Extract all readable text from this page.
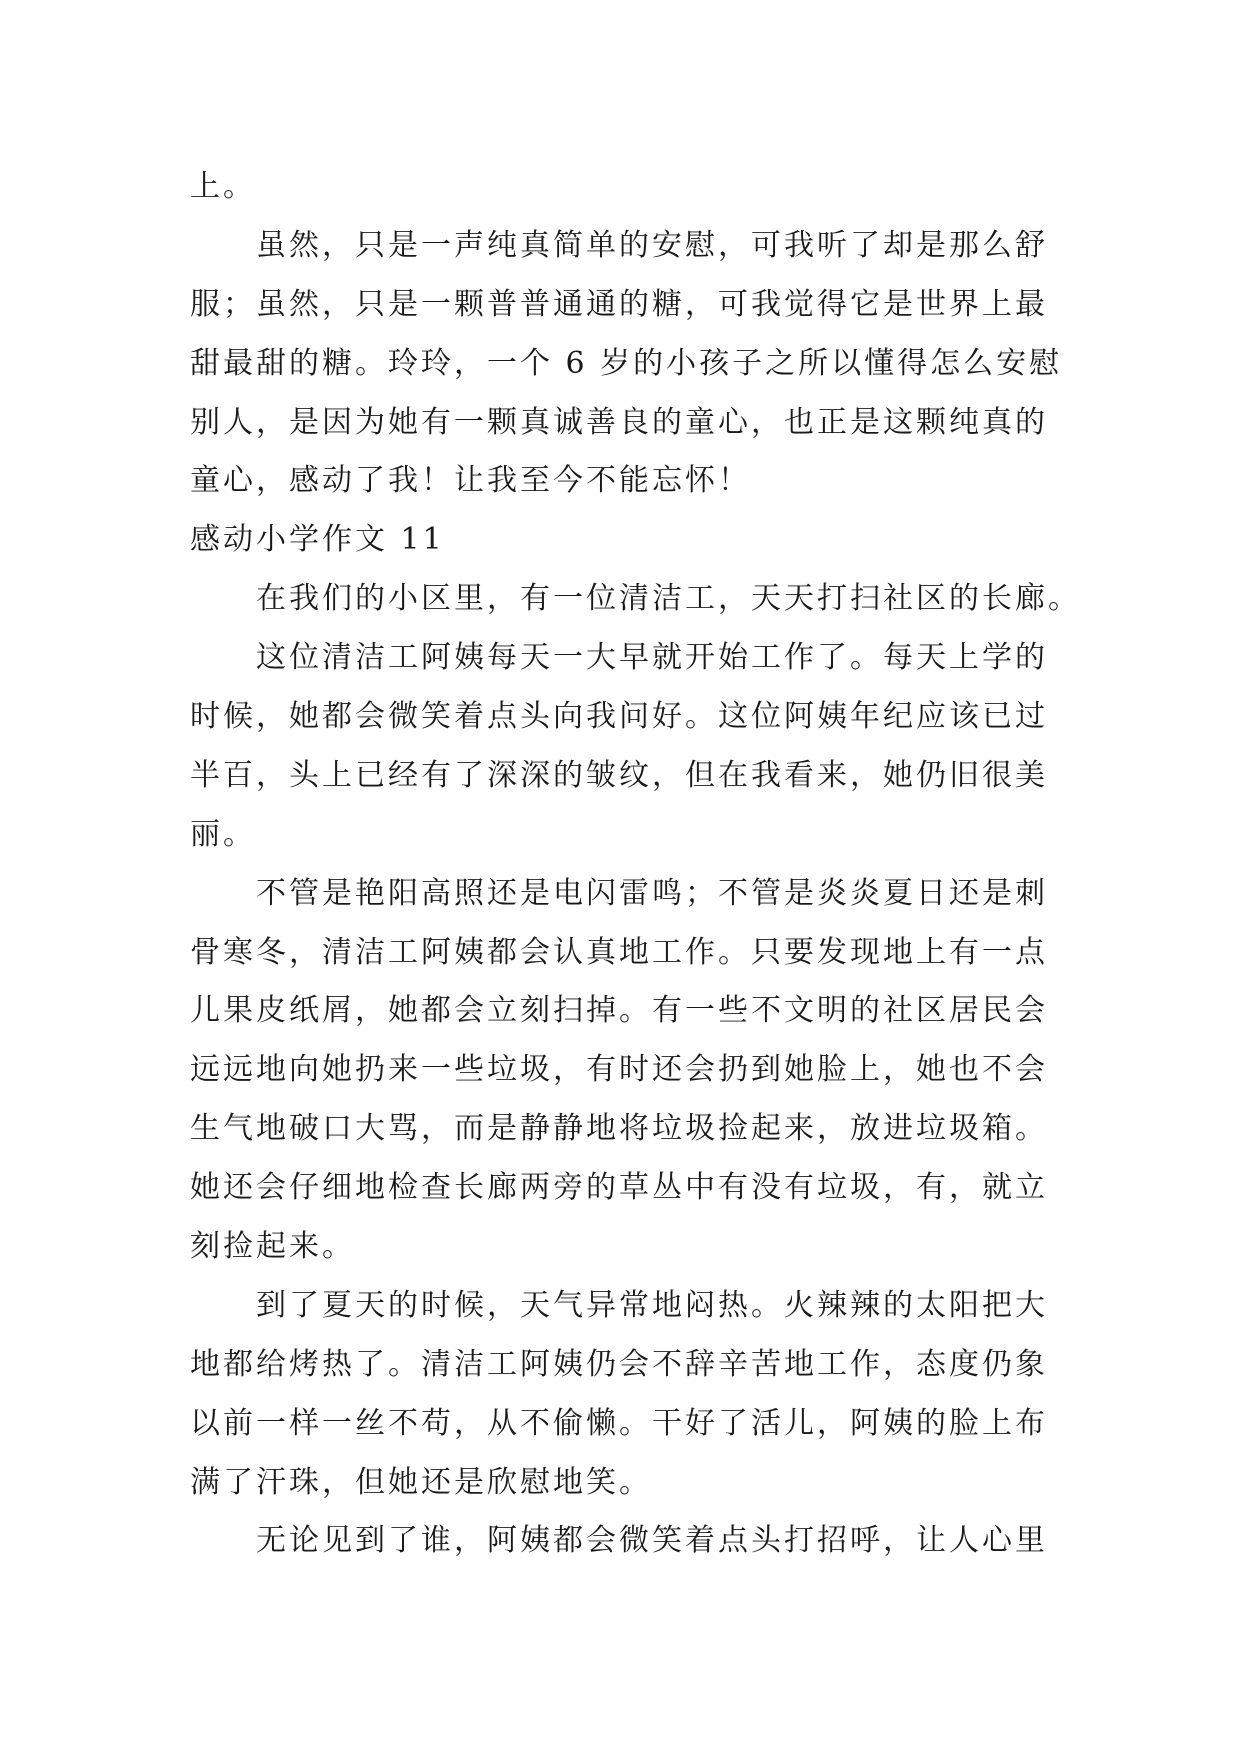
上。
虽然，只是一声纯真简单的安慰，可我听了却是那么舒
服；虽然，只是一颗普普通通的糖，可我觉得它是世界上最
甜最甜的糖。玲玲，一个 6 岁的小孩子之所以懂得怎么安慰
别人，是因为她有一颗真诚善良的童心，也正是这颗纯真的
童心，感动了我！让我至今不能忘怀！
感动小学作文 11
在我们的小区里，有一位清洁工，天天打扫社区的长廊。
这位清洁工阿姨每天一大早就开始工作了。每天上学的
时候，她都会微笑着点头向我问好。这位阿姨年纪应该已过
半百，头上已经有了深深的皱纹，但在我看来，她仍旧很美
丽。
不管是艳阳高照还是电闪雷鸣；不管是炎炎夏日还是刺
骨寒冬，清洁工阿姨都会认真地工作。只要发现地上有一点
儿果皮纸屑，她都会立刻扫掉。有一些不文明的社区居民会
远远地向她扔来一些垃圾，有时还会扔到她脸上，她也不会
生气地破口大骂，而是静静地将垃圾捡起来，放进垃圾箱。
她还会仔细地检查长廊两旁的草丛中有没有垃圾，有，就立
刻捡起来。
到了夏天的时候，天气异常地闷热。火辣辣的太阳把大
地都给烤热了。清洁工阿姨仍会不辞辛苦地工作，态度仍象
以前一样一丝不苟，从不偷懒。干好了活儿，阿姨的脸上布
满了汗珠，但她还是欣慰地笑。
无论见到了谁，阿姨都会微笑着点头打招呼，让人心里
